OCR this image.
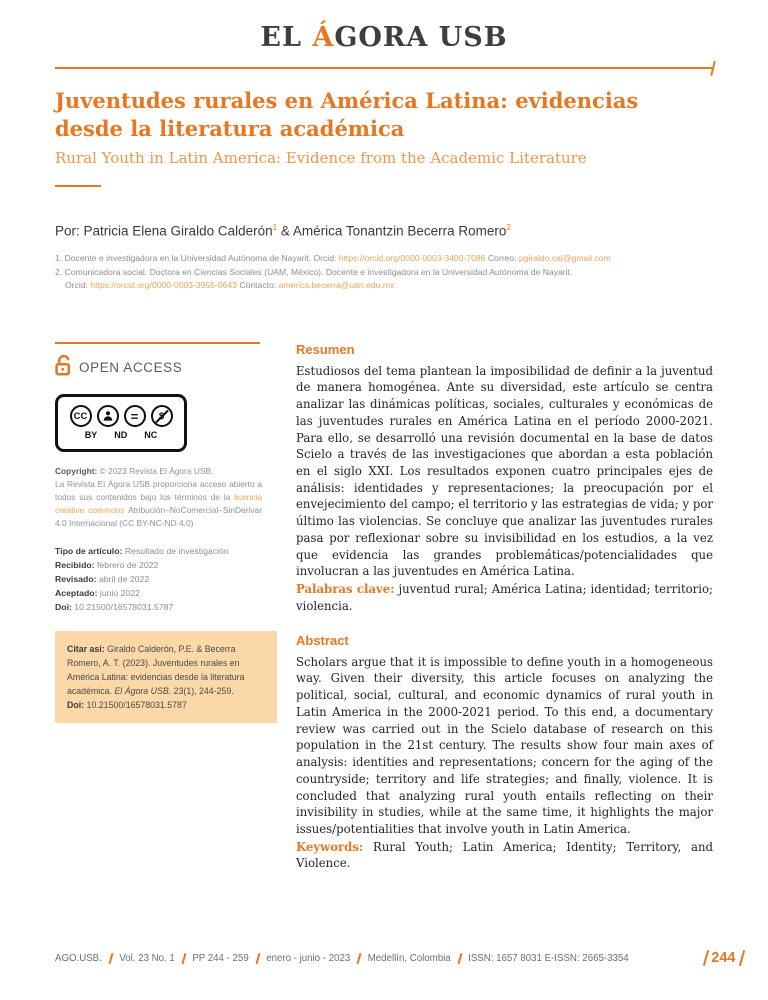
EL ÁGORA USB
Juventudes rurales en América Latina: evidencias desde la literatura académica
Rural Youth in Latin America: Evidence from the Academic Literature
Por: Patricia Elena Giraldo Calderón$^1$ & América Tonantzin Becerra Romero$^2$
1. Docente e investigadora en la Universidad Autónoma de Nayarit. Orcid: https://orcid.org/0000-0003-3400-7086 Correo: pgiraldo.cal@gmail.com
2. Comunicadora social. Doctora en Ciencias Sociales (UAM, México). Docente e investigadora en la Universidad Autónoma de Nayarit.
Orcid: https://orcid.org/0000-0003-3955-0643 Contacto: america.becerra@uan.edu.mx
OPEN ACCESS
CC	=
BY ND NC

Copyright: © 2023 Revista El Ágora USB.
La Revista El Ágora USB proporciona acceso abierto a todos sus contenidos bajo los términos de la licencia creative commons Atribución–NoComercial–SinDerivar 4.0 Internacional (CC BY-NC-ND 4.0)

Tipo de artículo: Resultado de investigación
Recibido: febrero de 2022
Revisado: abril de 2022
Aceptado: junio 2022
Doi: 10.21500/16578031.5787
Citar así: Giraldo Calderón, P.E. & Becerra Romero, A. T. (2023). Juventudes rurales en América Latina: evidencias desde la literatura académica. El Ágora USB. 23(1), 244-259.
Doi: 10.21500/16578031.5787
Resumen

Estudiosos del tema plantean la imposibilidad de definir a la juventud de manera homogénea. Ante su diversidad, este artículo se centra analizar las dinámicas políticas, sociales, culturales y económicas de las juventudes rurales en América Latina en el período 2000-2021. Para ello, se desarrolló una revisión documental en la base de datos Scielo a través de las investigaciones que abordan a esta población en el siglo XXI. Los resultados exponen cuatro principales ejes de análisis: identidades y representaciones; la preocupación por el envejecimiento del campo; el territorio y las estrategias de vida; y por último las violencias. Se concluye que analizar las juventudes rurales pasa por reflexionar sobre su invisibilidad en los estudios, a la vez que evidencia las grandes problemáticas/potencialidades que involucran a las juventudes en América Latina.

Palabras clave: juventud rural; América Latina; identidad; territorio; violencia.

Abstract

Scholars argue that it is impossible to define youth in a homogeneous way. Given their diversity, this article focuses on analyzing the political, social, cultural, and economic dynamics of rural youth in Latin America in the 2000-2021 period. To this end, a documentary review was carried out in the Scielo database of research on this population in the 21st century. The results show four main axes of analysis: identities and representations; concern for the aging of the countryside; territory and life strategies; and finally, violence. It is concluded that analyzing rural youth entails reflecting on their invisibility in studies, while at the same time, it highlights the major issues/potentialities that involve youth in Latin America.

Keywords: Rural Youth; Latin America; Identity; Territory, and Violence.

AGO.USB. Vol. 23 No. 1 PP 244 - 259 enero - junio - 2023 Medellín, Colombia ISSN: 1657 8031 E-ISSN: 2665-3354	244
